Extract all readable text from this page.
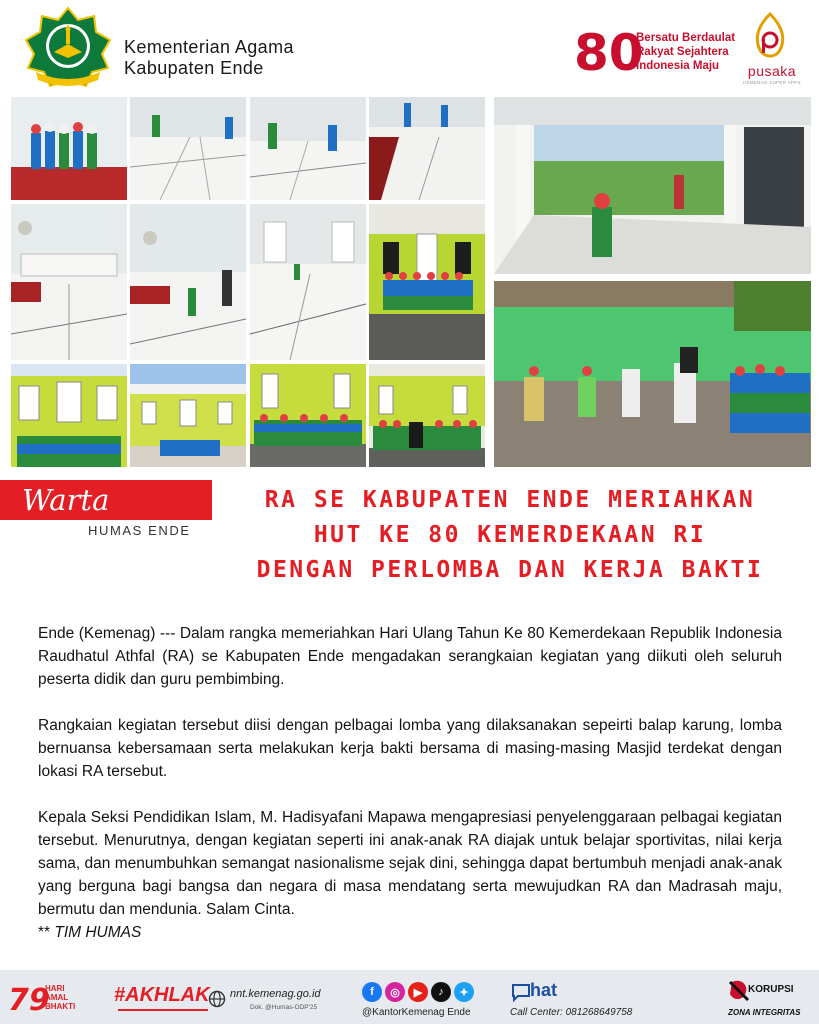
Kementerian Agama
Kabupaten Ende	80
Bersatu Berdaulat
Rakyat Sejahtera
Indonesia Maju	pusaka
KEMENAG SUPER APPS
Warta
HUMAS ENDE
RA SE KABUPATEN ENDE MERIAHKAN
HUT KE 80 KEMERDEKAAN RI
DENGAN PERLOMBA DAN KERJA BAKTI

Ende (Kemenag) --- Dalam rangka memeriahkan Hari Ulang Tahun Ke 80 Kemerdekaan Republik Indonesia Raudhatul Athfal (RA) se Kabupaten Ende mengadakan serangkaian kegiatan yang diikuti oleh seluruh peserta didik dan guru pembimbing.

Rangkaian kegiatan tersebut diisi dengan pelbagai lomba yang dilaksanakan sepeirti balap karung, lomba bernuansa kebersamaan serta melakukan kerja bakti bersama di masing-masing Masjid terdekat dengan lokasi RA tersebut.

Kepala Seksi Pendidikan Islam, M. Hadisyafani Mapawa mengapresiasi penyelenggaraan pelbagai kegiatan tersebut. Menurutnya, dengan kegiatan seperti ini anak-anak RA diajak untuk belajar sportivitas, nilai kerja sama, dan menumbuhkan semangat nasionalisme sejak dini, sehingga dapat bertumbuh menjadi anak-anak yang berguna bagi bangsa dan negara di masa mendatang serta mewujudkan RA dan Madrasah maju, bermutu dan mendunia. Salam Cinta.

** TIM HUMAS
79
HARI
AMAL
BHAKTI
#AKHLAK nnt.kemenag.go.id
Dok. @Humas-ODP'25
f	◎	▶	♪	✦
@KantorKemenag Ende
hat
Call Center: 081268649758
KORUPSI
ZONA INTEGRITAS
